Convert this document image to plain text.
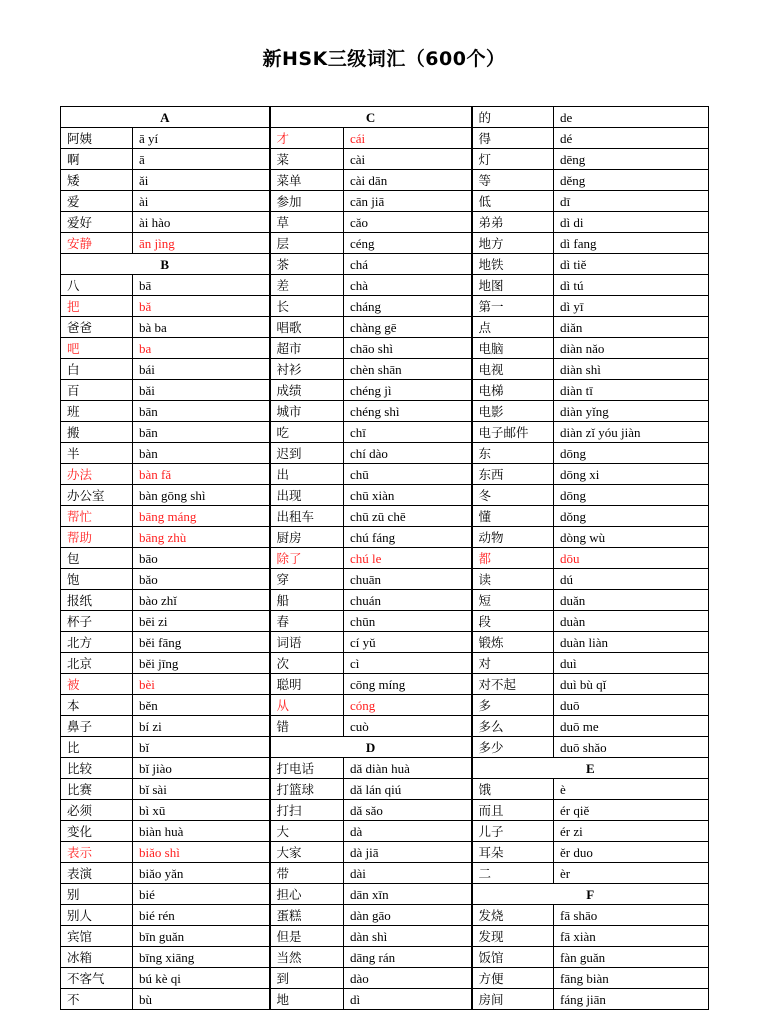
新HSK三级词汇（600个）
A		C		的	de
阿姨	ā yí	才	cái	得	dé
啊	ā	菜	cài	灯	dēng
矮	ǎi	菜单	cài dān	等	děng
爱	ài	参加	cān jiā	低	dī
爱好	ài hào	草	cǎo	弟弟	dì di
安静	ān jìng	层	céng	地方	dì fang
B		茶	chá	地铁	dì tiě
八	bā	差	chà	地图	dì tú
把	bǎ	长	cháng	第一	dì yī
爸爸	bà ba	唱歌	chàng gē	点	diǎn
吧	ba	超市	chāo shì	电脑	diàn nǎo
白	bái	衬衫	chèn shān	电视	diàn shì
百	bǎi	成绩	chéng jì	电梯	diàn tī
班	bān	城市	chéng shì	电影	diàn yǐng
搬	bān	吃	chī	电子邮件	diàn zǐ yóu jiàn
半	bàn	迟到	chí dào	东	dōng
办法	bàn fǎ	出	chū	东西	dōng xi
办公室	bàn gōng shì	出现	chū xiàn	冬	dōng
帮忙	bāng máng	出租车	chū zū chē	懂	dǒng
帮助	bāng zhù	厨房	chú fáng	动物	dòng wù
包	bāo	除了	chú le	都	dōu
饱	bǎo	穿	chuān	读	dú
报纸	bào zhǐ	船	chuán	短	duǎn
杯子	bēi zi	春	chūn	段	duàn
北方	běi fāng	词语	cí yǔ	锻炼	duàn liàn
北京	běi jīng	次	cì	对	duì
被	bèi	聪明	cōng míng	对不起	duì bù qǐ
本	běn	从	cóng	多	duō
鼻子	bí zi	错	cuò	多么	duō me
比	bǐ	D		多少	duō shǎo
比较	bǐ jiào	打电话	dǎ diàn huà	E	
比赛	bǐ sài	打篮球	dǎ lán qiú	饿	è
必须	bì xū	打扫	dǎ sǎo	而且	ér qiě
变化	biàn huà	大	dà	儿子	ér zi
表示	biǎo shì	大家	dà jiā	耳朵	ěr duo
表演	biǎo yǎn	带	dài	二	èr
别	bié	担心	dān xīn	F	
别人	bié rén	蛋糕	dàn gāo	发烧	fā shāo
宾馆	bīn guǎn	但是	dàn shì	发现	fā xiàn
冰箱	bīng xiāng	当然	dāng rán	饭馆	fàn guǎn
不客气	bú kè qi	到	dào	方便	fāng biàn
不	bù	地	dì	房间	fáng jiān
